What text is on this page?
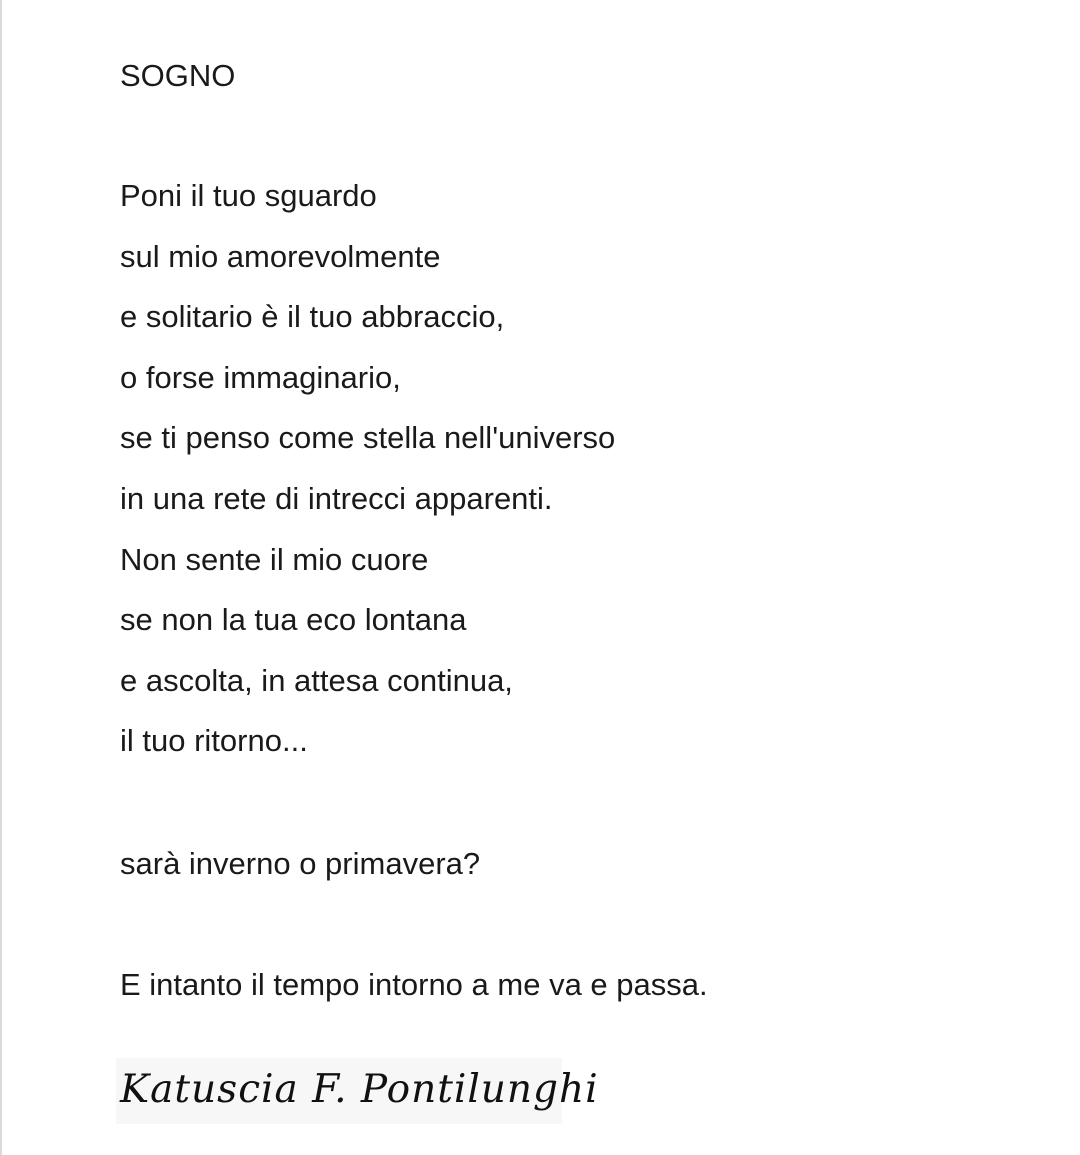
SOGNO
Poni il tuo sguardo
sul mio amorevolmente
e solitario è il tuo abbraccio,
o forse immaginario,
se ti penso come stella nell'universo
in una rete di intrecci apparenti.
Non sente il mio cuore
se non la tua eco lontana
e ascolta, in attesa continua,
il tuo ritorno...

sarà inverno o primavera?

E intanto il tempo intorno a me va e passa.

Katuscia F. Pontilunghi
